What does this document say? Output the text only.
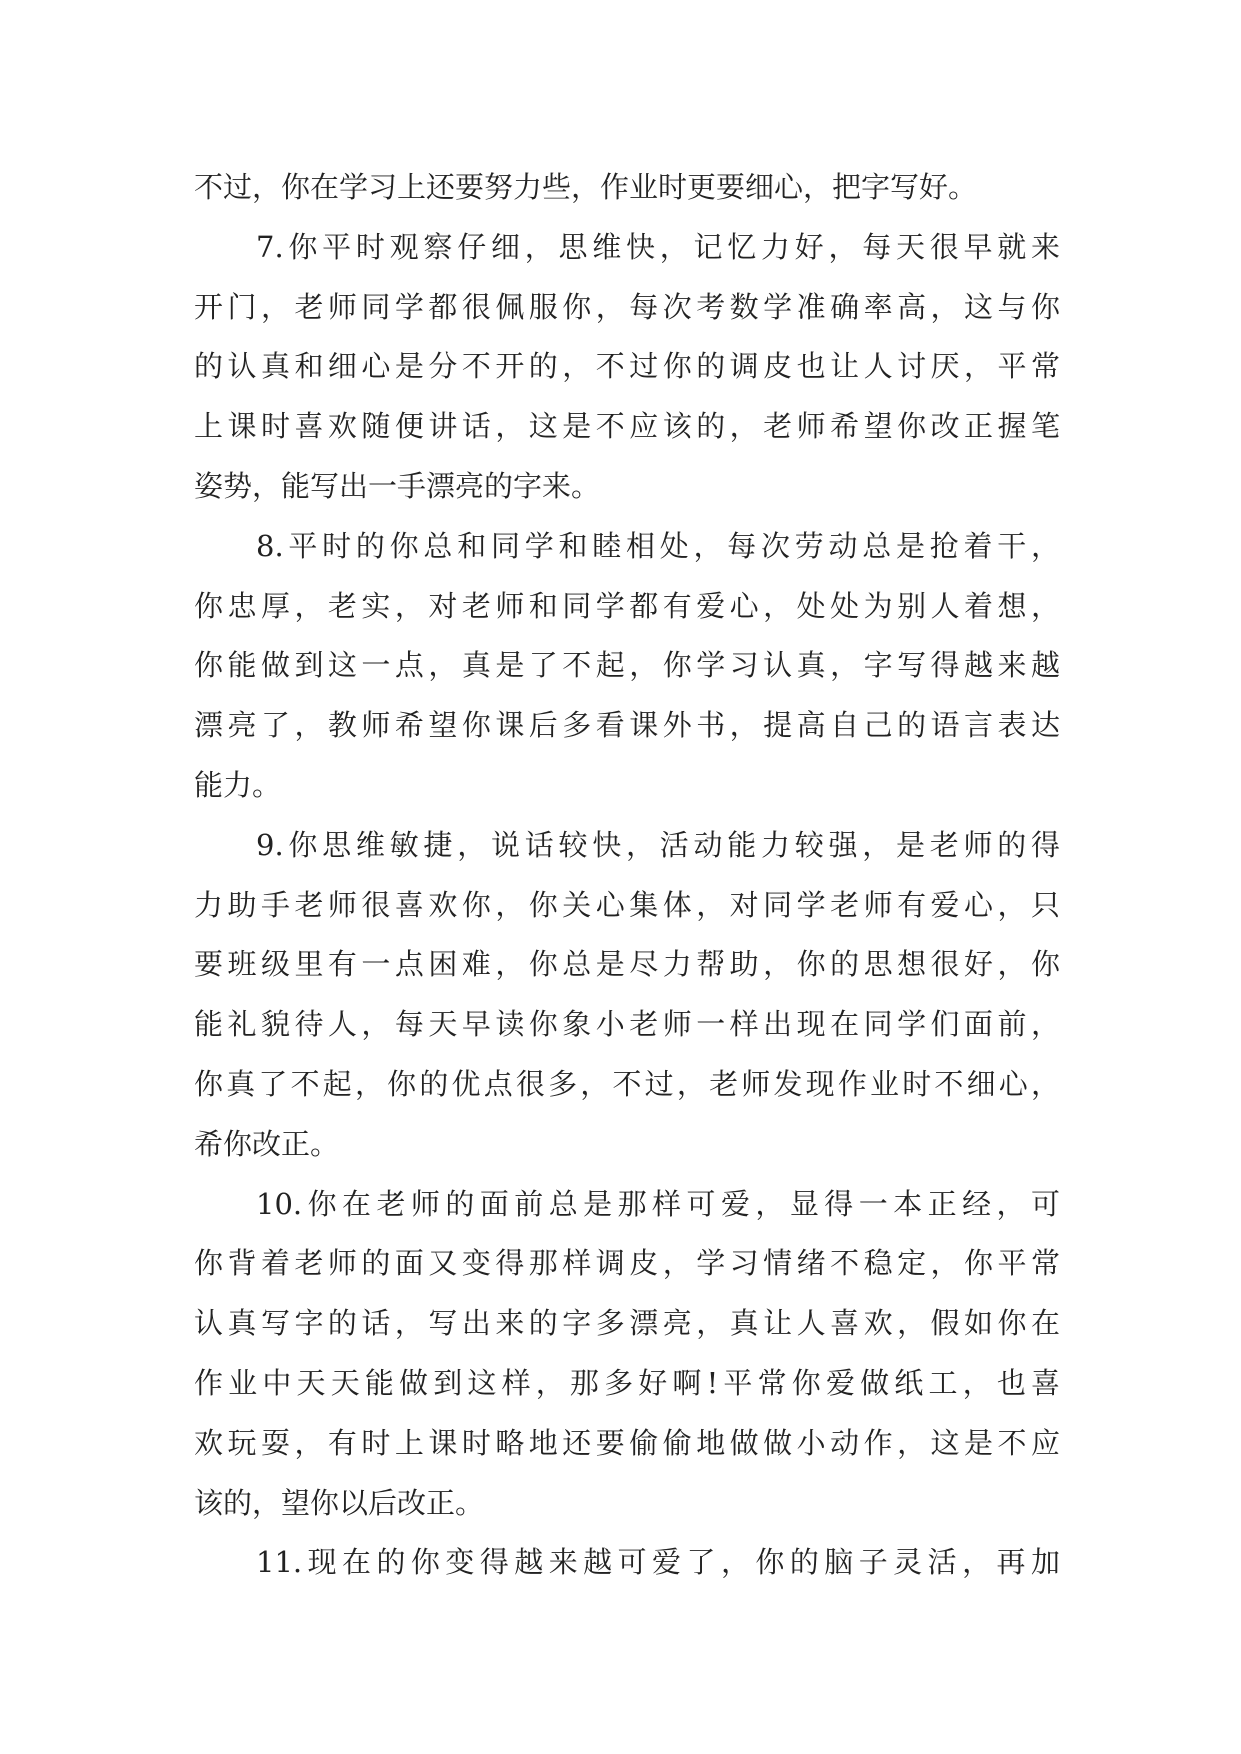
不过，你在学习上还要努力些，作业时更要细心，把字写好。
7.你平时观察仔细，思维快，记忆力好，每天很早就来
开门，老师同学都很佩服你，每次考数学准确率高，这与你
的认真和细心是分不开的，不过你的调皮也让人讨厌，平常
上课时喜欢随便讲话，这是不应该的，老师希望你改正握笔
姿势，能写出一手漂亮的字来。
8.平时的你总和同学和睦相处，每次劳动总是抢着干，
你忠厚，老实，对老师和同学都有爱心，处处为别人着想，
你能做到这一点，真是了不起，你学习认真，字写得越来越
漂亮了，教师希望你课后多看课外书，提高自己的语言表达
能力。
9.你思维敏捷，说话较快，活动能力较强，是老师的得
力助手老师很喜欢你，你关心集体，对同学老师有爱心，只
要班级里有一点困难，你总是尽力帮助，你的思想很好，你
能礼貌待人，每天早读你象小老师一样出现在同学们面前，
你真了不起，你的优点很多，不过，老师发现作业时不细心，
希你改正。
10.你在老师的面前总是那样可爱，显得一本正经，可
你背着老师的面又变得那样调皮，学习情绪不稳定，你平常
认真写字的话，写出来的字多漂亮，真让人喜欢，假如你在
作业中天天能做到这样，那多好啊!平常你爱做纸工，也喜
欢玩耍，有时上课时略地还要偷偷地做做小动作，这是不应
该的，望你以后改正。
11.现在的你变得越来越可爱了，你的脑子灵活，再加
